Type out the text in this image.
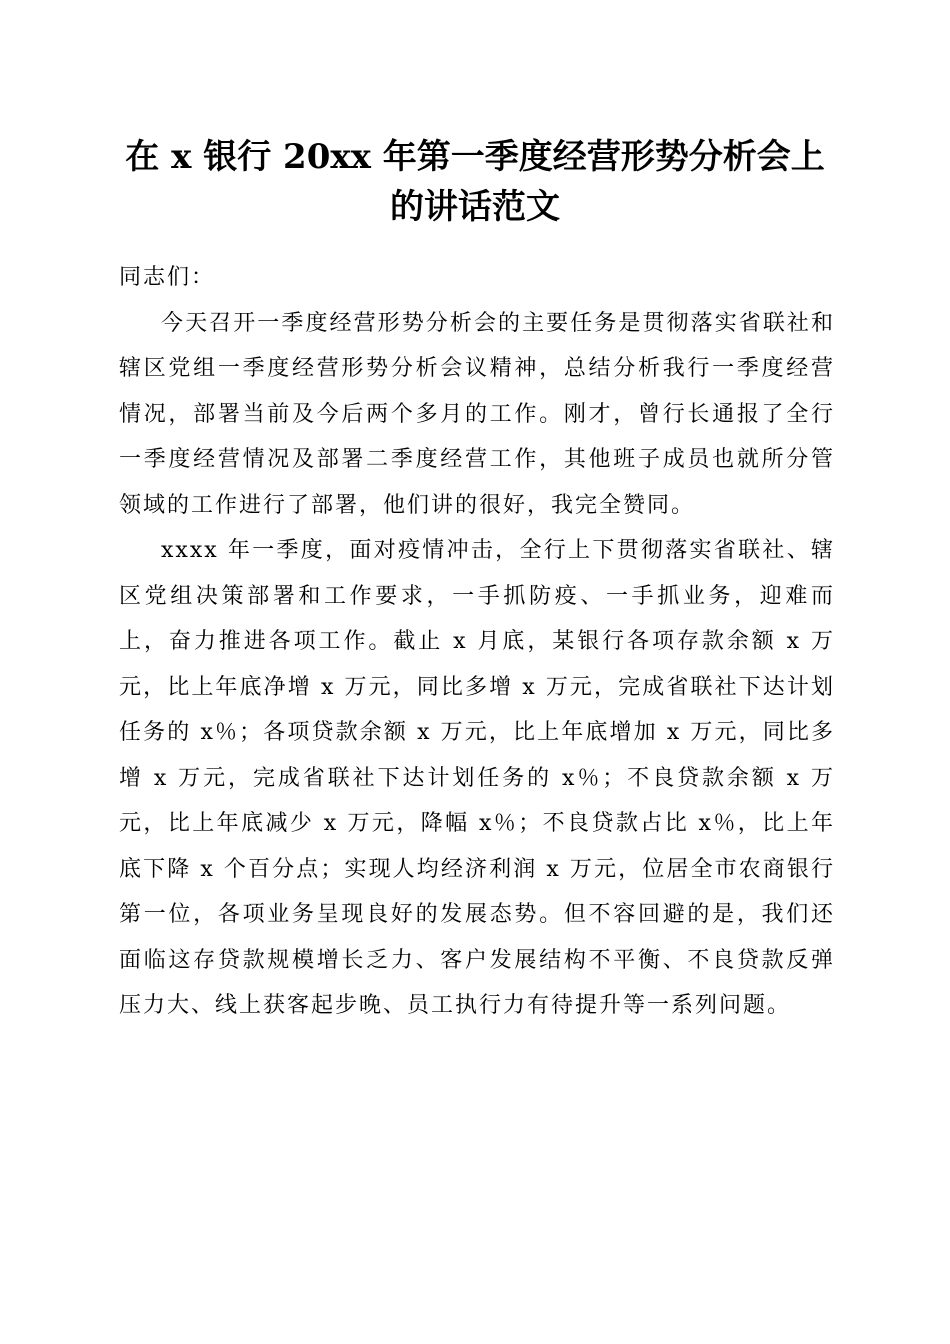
在 x 银行 20xx 年第一季度经营形势分析会上
的讲话范文

同志们：

今天召开一季度经营形势分析会的主要任务是贯彻落实省联社和辖区党组一季度经营形势分析会议精神，总结分析我行一季度经营情况，部署当前及今后两个多月的工作。刚才，曾行长通报了全行一季度经营情况及部署二季度经营工作，其他班子成员也就所分管领域的工作进行了部署，他们讲的很好，我完全赞同。

xxxx 年一季度，面对疫情冲击，全行上下贯彻落实省联社、辖区党组决策部署和工作要求，一手抓防疫、一手抓业务，迎难而上，奋力推进各项工作。截止 x 月底，某银行各项存款余额 x 万元，比上年底净增 x 万元，同比多增 x 万元，完成省联社下达计划任务的 x％；各项贷款余额 x 万元，比上年底增加 x 万元，同比多增 x 万元，完成省联社下达计划任务的 x％；不良贷款余额 x 万元，比上年底减少 x 万元，降幅 x％；不良贷款占比 x％，比上年底下降 x 个百分点；实现人均经济利润 x 万元，位居全市农商银行第一位，各项业务呈现良好的发展态势。但不容回避的是，我们还面临这存贷款规模增长乏力、客户发展结构不平衡、不良贷款反弹压力大、线上获客起步晚、员工执行力有待提升等一系列问题。
